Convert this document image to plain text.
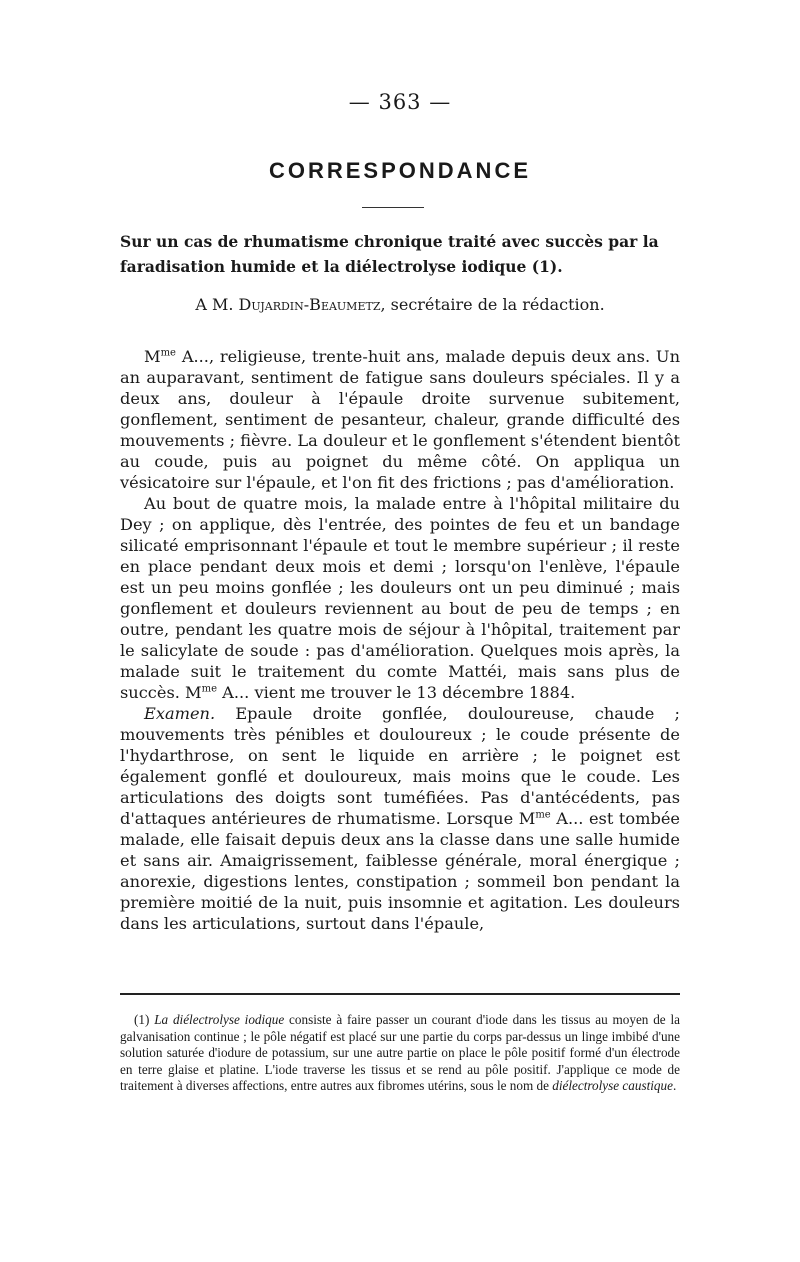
— 363 —
CORRESPONDANCE
Sur un cas de rhumatisme chronique traité avec succès par la faradisation humide et la diélectrolyse iodique (1).
A M. Dujardin-Beaumetz, secrétaire de la rédaction.

$M^{me}$ A..., religieuse, trente-huit ans, malade depuis deux ans. Un an auparavant, sentiment de fatigue sans douleurs spéciales. Il y a deux ans, douleur à l'épaule droite survenue subitement, gonflement, sentiment de pesanteur, chaleur, grande difficulté des mouvements ; fièvre. La douleur et le gonflement s'étendent bientôt au coude, puis au poignet du même côté. On appliqua un vésicatoire sur l'épaule, et l'on fit des frictions ; pas d'amélioration.

Au bout de quatre mois, la malade entre à l'hôpital militaire du Dey ; on applique, dès l'entrée, des pointes de feu et un bandage silicaté emprisonnant l'épaule et tout le membre supérieur ; il reste en place pendant deux mois et demi ; lorsqu'on l'enlève, l'épaule est un peu moins gonflée ; les douleurs ont un peu diminué ; mais gonflement et douleurs reviennent au bout de peu de temps ; en outre, pendant les quatre mois de séjour à l'hôpital, traitement par le salicylate de soude : pas d'amélioration. Quelques mois après, la malade suit le traitement du comte Mattéi, mais sans plus de succès. $M^{me}$ A... vient me trouver le 13 décembre 1884.

Examen. Epaule droite gonflée, douloureuse, chaude ; mouvements très pénibles et douloureux ; le coude présente de l'hydarthrose, on sent le liquide en arrière ; le poignet est également gonflé et douloureux, mais moins que le coude. Les articulations des doigts sont tuméfiées. Pas d'antécédents, pas d'attaques antérieures de rhumatisme. Lorsque $M^{me}$ A... est tombée malade, elle faisait depuis deux ans la classe dans une salle humide et sans air. Amaigrissement, faiblesse générale, moral énergique ; anorexie, digestions lentes, constipation ; sommeil bon pendant la première moitié de la nuit, puis insomnie et agitation. Les douleurs dans les articulations, surtout dans l'épaule,

(1) La diélectrolyse iodique consiste à faire passer un courant d'iode dans les tissus au moyen de la galvanisation continue ; le pôle négatif est placé sur une partie du corps par-dessus un linge imbibé d'une solution saturée d'iodure de potassium, sur une autre partie on place le pôle positif formé d'un électrode en terre glaise et platine. L'iode traverse les tissus et se rend au pôle positif. J'applique ce mode de traitement à diverses affections, entre autres aux fibromes utérins, sous le nom de diélectrolyse caustique.
